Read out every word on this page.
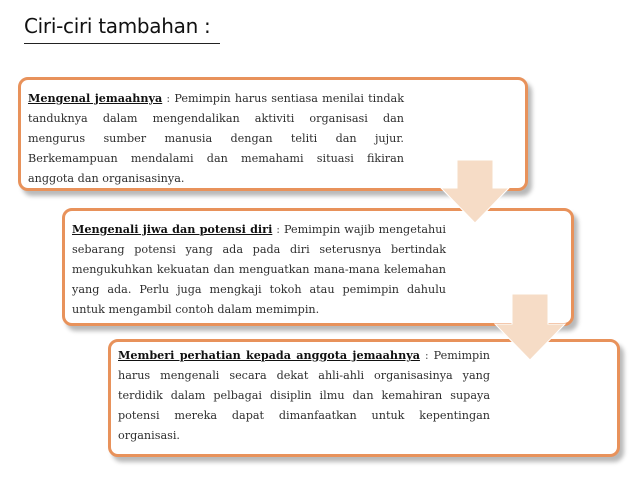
Ciri-ciri tambahan :
Mengenal jemaahnya : Pemimpin harus sentiasa menilai tindak tanduknya dalam mengendalikan aktiviti organisasi dan mengurus sumber manusia dengan teliti dan jujur. Berkemampuan mendalami dan memahami situasi fikiran anggota dan organisasinya.
Mengenali jiwa dan potensi diri : Pemimpin wajib mengetahui sebarang potensi yang ada pada diri seterusnya bertindak mengukuhkan kekuatan dan menguatkan mana-mana kelemahan yang ada. Perlu juga mengkaji tokoh atau pemimpin dahulu untuk mengambil contoh dalam memimpin.
Memberi perhatian kepada anggota jemaahnya : Pemimpin harus mengenali secara dekat ahli-ahli organisasinya yang terdidik dalam pelbagai disiplin ilmu dan kemahiran supaya potensi mereka dapat dimanfaatkan untuk kepentingan organisasi.
